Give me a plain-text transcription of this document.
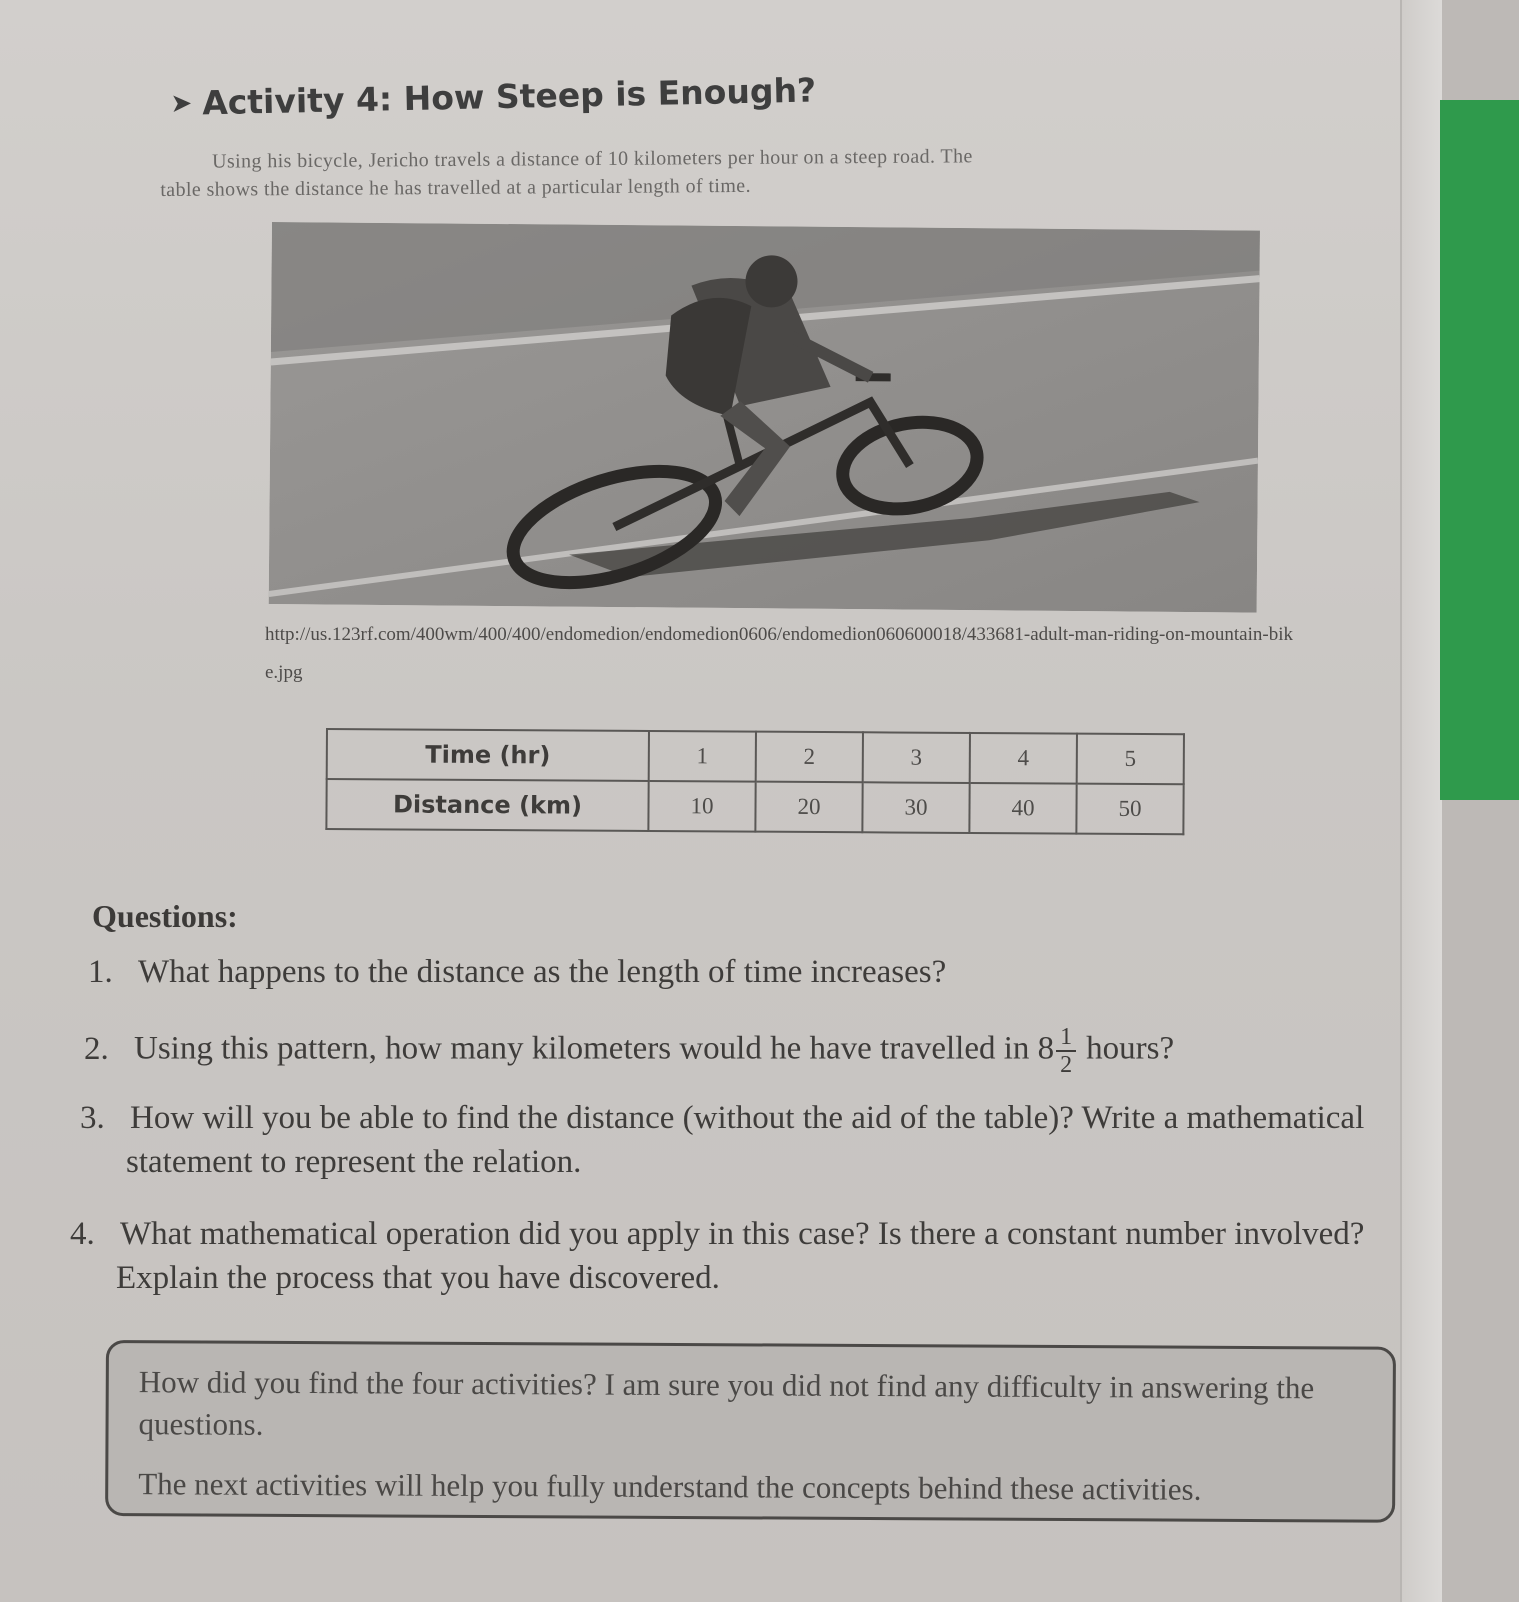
➤ Activity 4: How Steep is Enough?

Using his bicycle, Jericho travels a distance of 10 kilometers per hour on a steep road. The
table shows the distance he has travelled at a particular length of time.

http://us.123rf.com/400wm/400/400/endomedion/endomedion0606/endomedion060600018/433681-adult-man-riding-on-mountain-bike.jpg

Time (hr)	1	2	3	4	5
Distance (km)	10	20	30	40	50
Questions:

1. What happens to the distance as the length of time increases?

2. Using this pattern, how many kilometers would he have travelled in $8 \frac{1}{2}$ hours?

3. How will you be able to find the distance (without the aid of the table)? Write a mathematical
statement to represent the relation.

4. What mathematical operation did you apply in this case? Is there a constant number involved?
Explain the process that you have discovered.

How did you find the four activities? I am sure you did not find any difficulty in answering the questions.

The next activities will help you fully understand the concepts behind these activities.
